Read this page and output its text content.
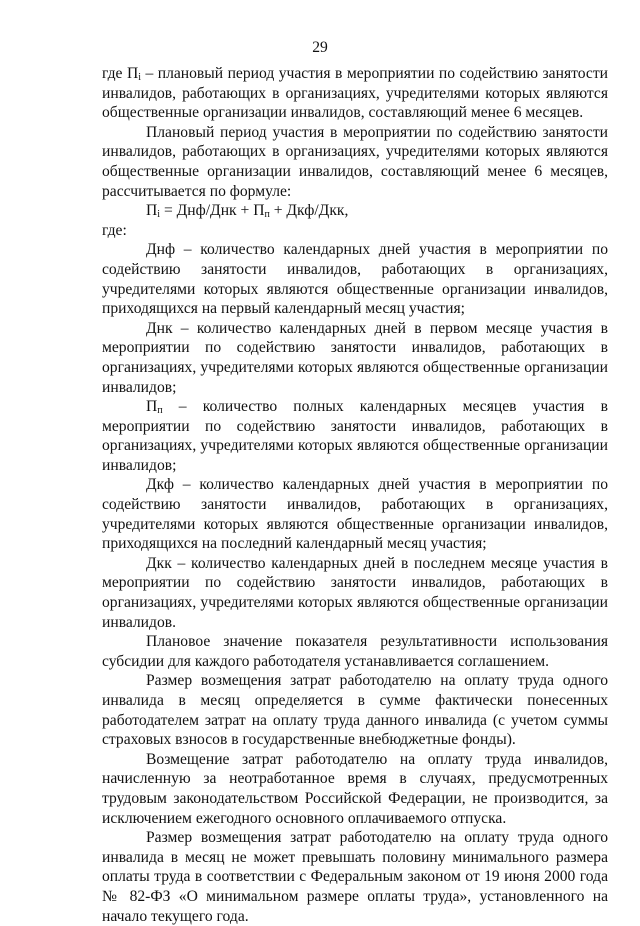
29

где $П_i$ – плановый период участия в мероприятии по содействию занятости инвалидов, работающих в организациях, учредителями которых являются общественные организации инвалидов, составляющий менее 6 месяцев.

Плановый период участия в мероприятии по содействию занятости инвалидов, работающих в организациях, учредителями которых являются общественные организации инвалидов, составляющий менее 6 месяцев, рассчитывается по формуле:

$П_i = Днф/Днк + П_п + Дкф/Дкк$,

где:

Днф – количество календарных дней участия в мероприятии по содействию занятости инвалидов, работающих в организациях, учредителями которых являются общественные организации инвалидов, приходящихся на первый календарный месяц участия;

Днк – количество календарных дней в первом месяце участия в мероприятии по содействию занятости инвалидов, работающих в организациях, учредителями которых являются общественные организации инвалидов;

$П_п$ – количество полных календарных месяцев участия в мероприятии по содействию занятости инвалидов, работающих в организациях, учредителями которых являются общественные организации инвалидов;

Дкф – количество календарных дней участия в мероприятии по содействию занятости инвалидов, работающих в организациях, учредителями которых являются общественные организации инвалидов, приходящихся на последний календарный месяц участия;

Дкк – количество календарных дней в последнем месяце участия в мероприятии по содействию занятости инвалидов, работающих в организациях, учредителями которых являются общественные организации инвалидов.

Плановое значение показателя результативности использования субсидии для каждого работодателя устанавливается соглашением.

Размер возмещения затрат работодателю на оплату труда одного инвалида в месяц определяется в сумме фактически понесенных работодателем затрат на оплату труда данного инвалида (с учетом суммы страховых взносов в государственные внебюджетные фонды).

Возмещение затрат работодателю на оплату труда инвалидов, начисленную за неотработанное время в случаях, предусмотренных трудовым законодательством Российской Федерации, не производится, за исключением ежегодного основного оплачиваемого отпуска.

Размер возмещения затрат работодателю на оплату труда одного инвалида в месяц не может превышать половину минимального размера оплаты труда в соответствии с Федеральным законом от 19 июня 2000 года № 82-ФЗ «О минимальном размере оплаты труда», установленного на начало текущего года.
